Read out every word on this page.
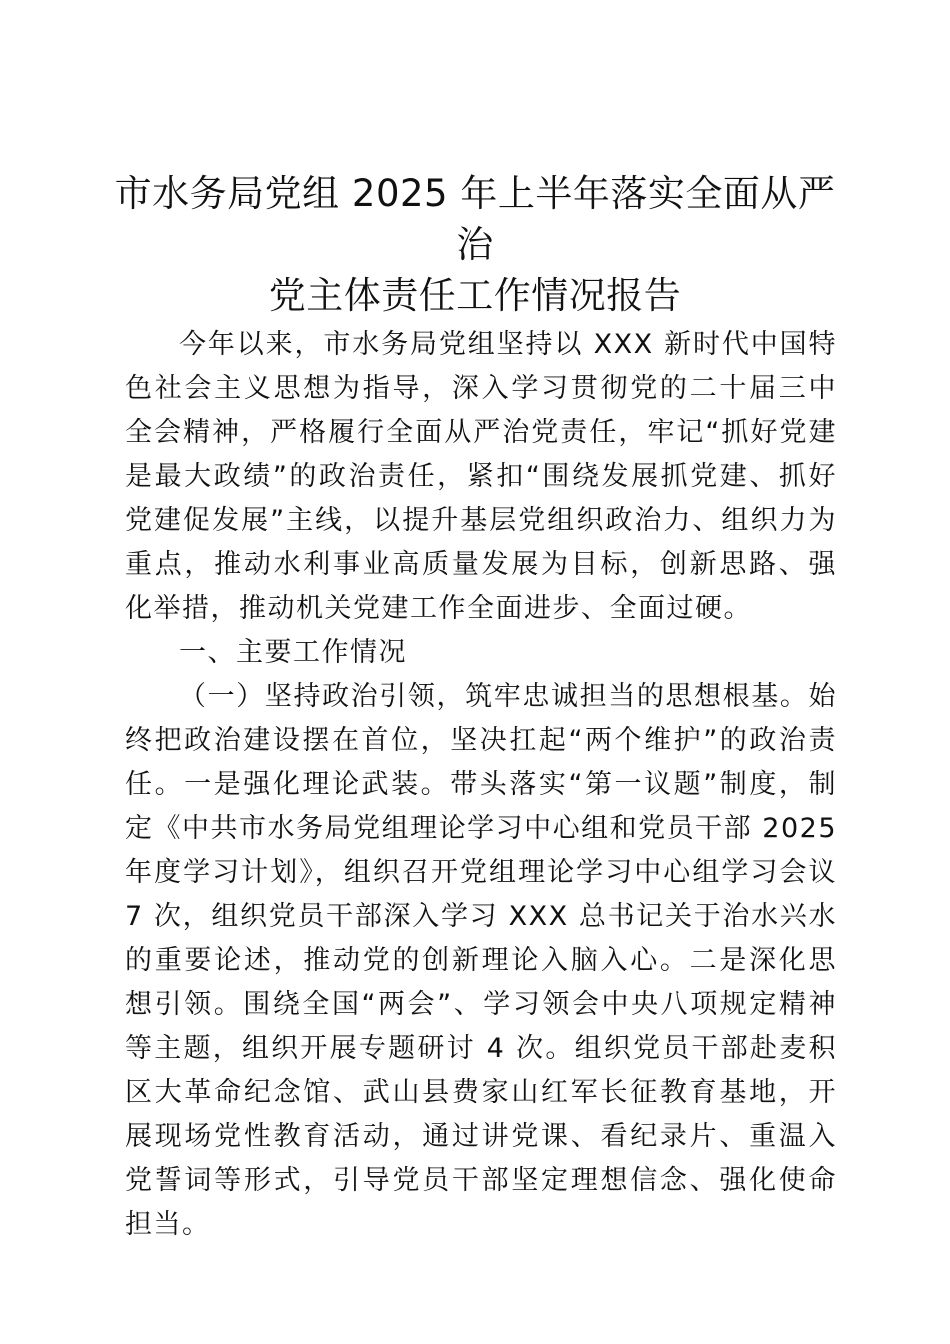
市水务局党组 2025 年上半年落实全面从严治
党主体责任工作情况报告

今年以来，市水务局党组坚持以 XXX 新时代中国特色社会主义思想为指导，深入学习贯彻党的二十届三中全会精神，严格履行全面从严治党责任，牢记“抓好党建是最大政绩”的政治责任，紧扣“围绕发展抓党建、抓好党建促发展”主线，以提升基层党组织政治力、组织力为重点，推动水利事业高质量发展为目标，创新思路、强化举措，推动机关党建工作全面进步、全面过硬。

一、主要工作情况

（一）坚持政治引领，筑牢忠诚担当的思想根基。始终把政治建设摆在首位，坚决扛起“两个维护”的政治责任。一是强化理论武装。带头落实“第一议题”制度，制定《中共市水务局党组理论学习中心组和党员干部 2025 年度学习计划》，组织召开党组理论学习中心组学习会议 7 次，组织党员干部深入学习 XXX 总书记关于治水兴水的重要论述，推动党的创新理论入脑入心。二是深化思想引领。围绕全国“两会”、学习领会中央八项规定精神等主题，组织开展专题研讨 4 次。组织党员干部赴麦积区大革命纪念馆、武山县费家山红军长征教育基地，开展现场党性教育活动，通过讲党课、看纪录片、重温入党誓词等形式，引导党员干部坚定理想信念、强化使命担当。
